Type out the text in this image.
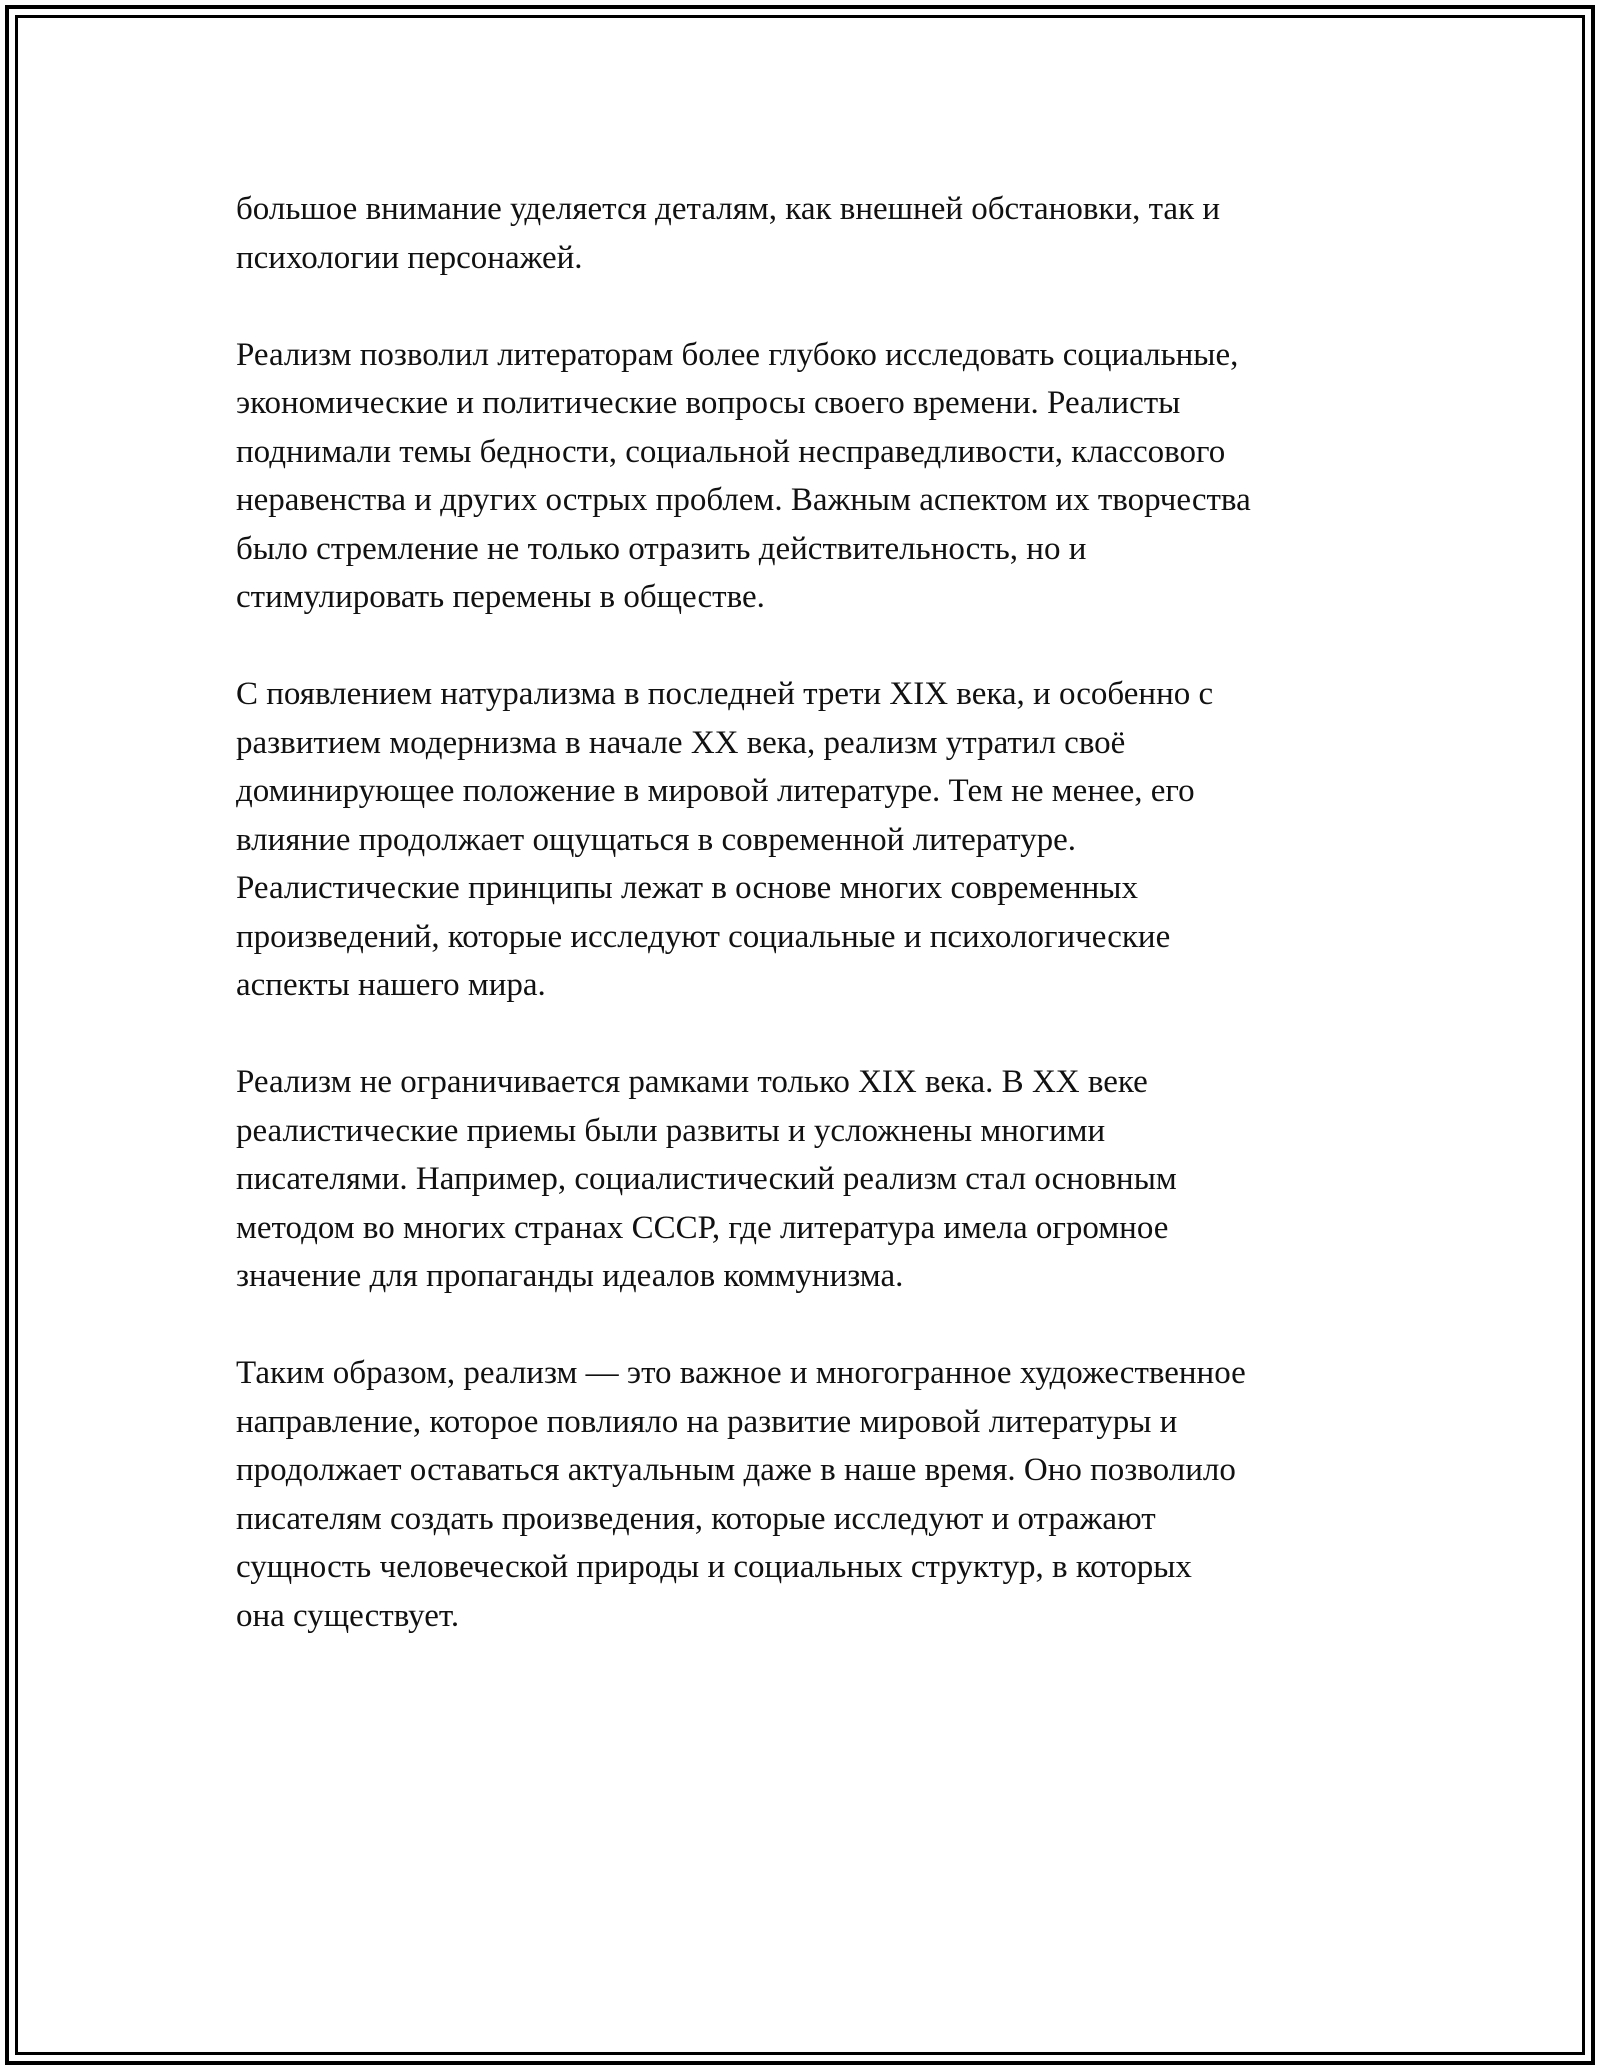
большое внимание уделяется деталям, как внешней обстановки, так и
психологии персонажей.

Реализм позволил литераторам более глубоко исследовать социальные,
экономические и политические вопросы своего времени. Реалисты
поднимали темы бедности, социальной несправедливости, классового
неравенства и других острых проблем. Важным аспектом их творчества
было стремление не только отразить действительность, но и
стимулировать перемены в обществе.

С появлением натурализма в последней трети XIX века, и особенно с
развитием модернизма в начале XX века, реализм утратил своё
доминирующее положение в мировой литературе. Тем не менее, его
влияние продолжает ощущаться в современной литературе.
Реалистические принципы лежат в основе многих современных
произведений, которые исследуют социальные и психологические
аспекты нашего мира.

Реализм не ограничивается рамками только XIX века. В XX веке
реалистические приемы были развиты и усложнены многими
писателями. Например, социалистический реализм стал основным
методом во многих странах СССР, где литература имела огромное
значение для пропаганды идеалов коммунизма.

Таким образом, реализм — это важное и многогранное художественное
направление, которое повлияло на развитие мировой литературы и
продолжает оставаться актуальным даже в наше время. Оно позволило
писателям создать произведения, которые исследуют и отражают
сущность человеческой природы и социальных структур, в которых
она существует.
